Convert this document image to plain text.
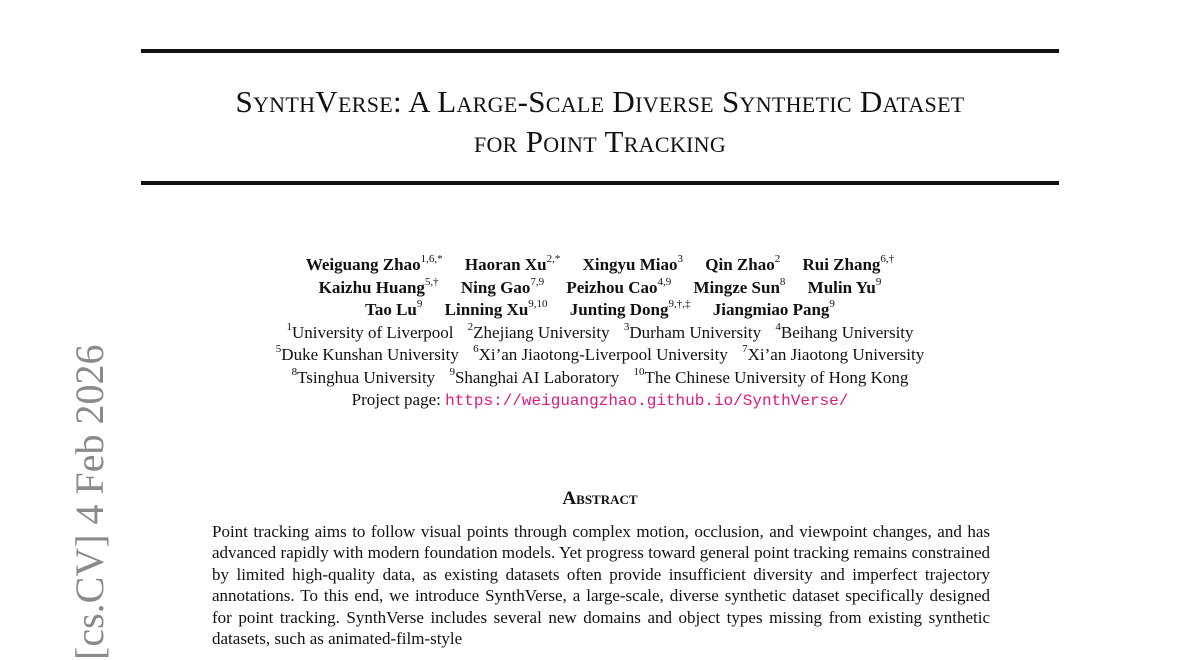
SynthVerse: A Large-Scale Diverse Synthetic Dataset
for Point Tracking
Weiguang Zhao$^{1,6,*}$ Haoran $Xu^{2,*}$ Xingyu Miao$^3$ Qin Zhao$^2$ Rui Zhang$^{6,\dagger}$
Kaizhu Huang$^{5,\dagger}$ Ning Gao$^{7,9}$ Peizhou Cao$^{4,9}$ Mingze Sun$^8$ Mulin Yu$^9$
Tao Lu$^9$ Linning Xu$^{9,10}$ Junting Dong$^{9,\dagger,\ddagger}$ Jiangmiao Pang$^9$
$^1$University of Liverpool $^2$Zhejiang University $^3$Durham University $^4$Beihang University
$^5$Duke Kunshan University $^6$Xi’an Jiaotong-Liverpool University $^7$Xi’an Jiaotong University
$^8$Tsinghua University $^9$Shanghai AI Laboratory $^{10}$The Chinese University of Hong Kong
Project page: https://weiguangzhao.github.io/SynthVerse/
Abstract
Point tracking aims to follow visual points through complex motion, occlusion, and viewpoint changes, and has advanced rapidly with modern foundation models. Yet progress toward general point tracking remains constrained by limited high-quality data, as existing datasets often provide insufficient diversity and imperfect trajectory annotations. To this end, we introduce SynthVerse, a large-scale, diverse synthetic dataset specifically designed for point tracking. SynthVerse includes several new domains and object types missing from existing synthetic datasets, such as animated-film-style
[cs.CV] 4 Feb 2026
